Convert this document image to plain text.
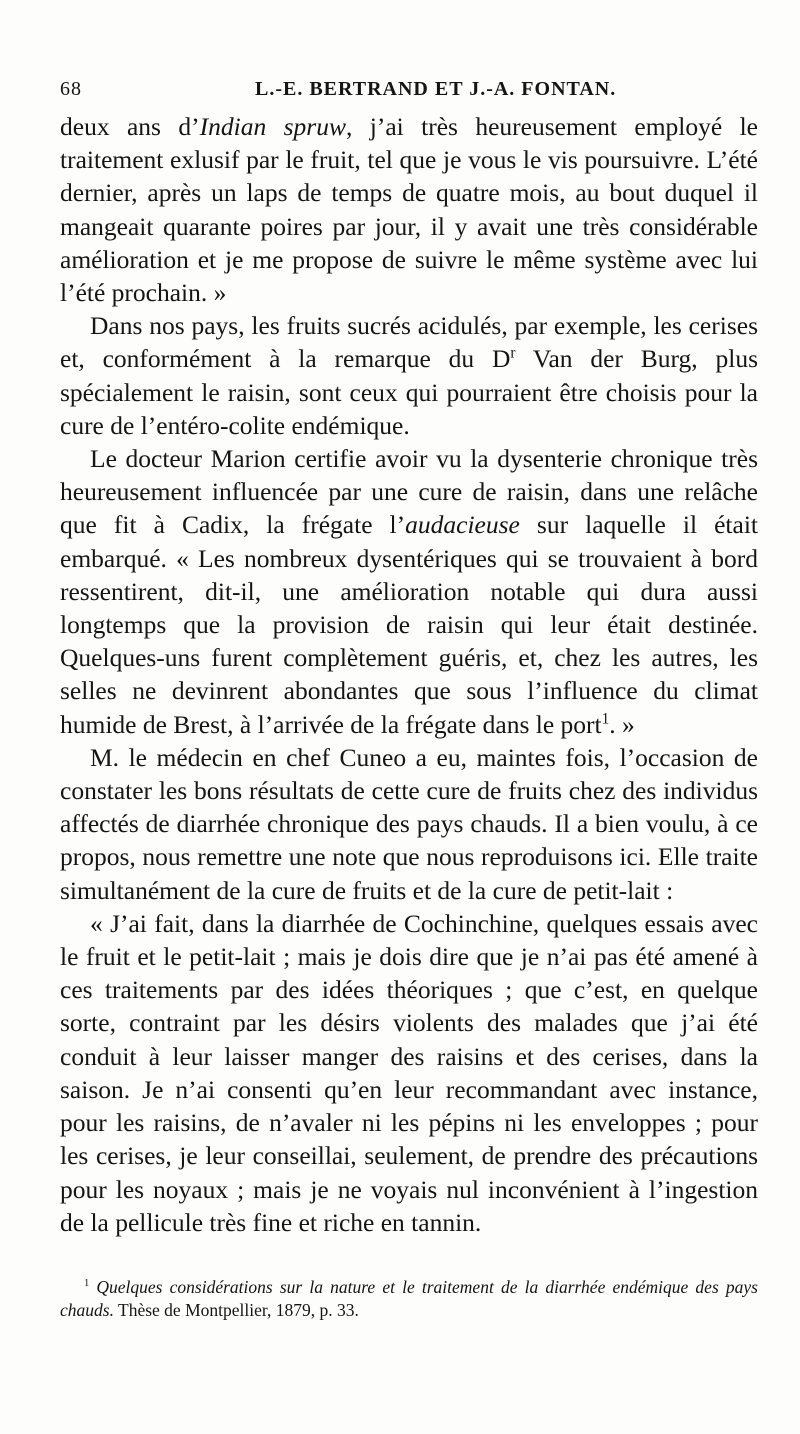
68	L.-E. BERTRAND ET J.-A. FONTAN.

deux ans d’Indian spruw, j’ai très heureusement employé le traitement exlusif par le fruit, tel que je vous le vis poursuivre. L’été dernier, après un laps de temps de quatre mois, au bout duquel il mangeait quarante poires par jour, il y avait une très considérable amélioration et je me propose de suivre le même système avec lui l’été prochain. »

Dans nos pays, les fruits sucrés acidulés, par exemple, les cerises et, conformément à la remarque du $D^r$ Van der Burg, plus spécialement le raisin, sont ceux qui pourraient être choisis pour la cure de l’entéro-colite endémique.

Le docteur Marion certifie avoir vu la dysenterie chronique très heureusement influencée par une cure de raisin, dans une relâche que fit à Cadix, la frégate l’audacieuse sur laquelle il était embarqué. « Les nombreux dysentériques qui se trouvaient à bord ressentirent, dit-il, une amélioration notable qui dura aussi longtemps que la provision de raisin qui leur était destinée. Quelques-uns furent complètement guéris, et, chez les autres, les selles ne devinrent abondantes que sous l’influence du climat humide de Brest, à l’arrivée de la frégate dans le port$^1$. »

M. le médecin en chef Cuneo a eu, maintes fois, l’occasion de constater les bons résultats de cette cure de fruits chez des individus affectés de diarrhée chronique des pays chauds. Il a bien voulu, à ce propos, nous remettre une note que nous reproduisons ici. Elle traite simultanément de la cure de fruits et de la cure de petit-lait :

« J’ai fait, dans la diarrhée de Cochinchine, quelques essais avec le fruit et le petit-lait ; mais je dois dire que je n’ai pas été amené à ces traitements par des idées théoriques ; que c’est, en quelque sorte, contraint par les désirs violents des malades que j’ai été conduit à leur laisser manger des raisins et des cerises, dans la saison. Je n’ai consenti qu’en leur recommandant avec instance, pour les raisins, de n’avaler ni les pépins ni les enveloppes ; pour les cerises, je leur conseillai, seulement, de prendre des précautions pour les noyaux ; mais je ne voyais nul inconvénient à l’ingestion de la pellicule très fine et riche en tannin.

$^1$ Quelques considérations sur la nature et le traitement de la diarrhée endémique des pays chauds. Thèse de Montpellier, 1879, p. 33.
